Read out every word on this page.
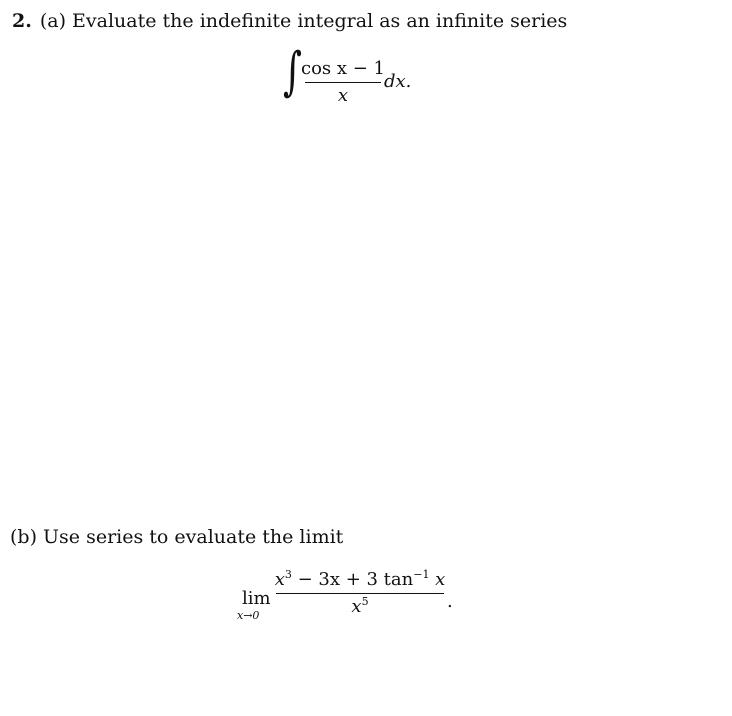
2. (a) Evaluate the indefinite integral as an infinite series
∫ cos x − 1
x
dx.
(b) Use series to evaluate the limit
lim
x→0
$x^3 - 3x + 3$ $\tan^{-1} x$
$x^5$	.
